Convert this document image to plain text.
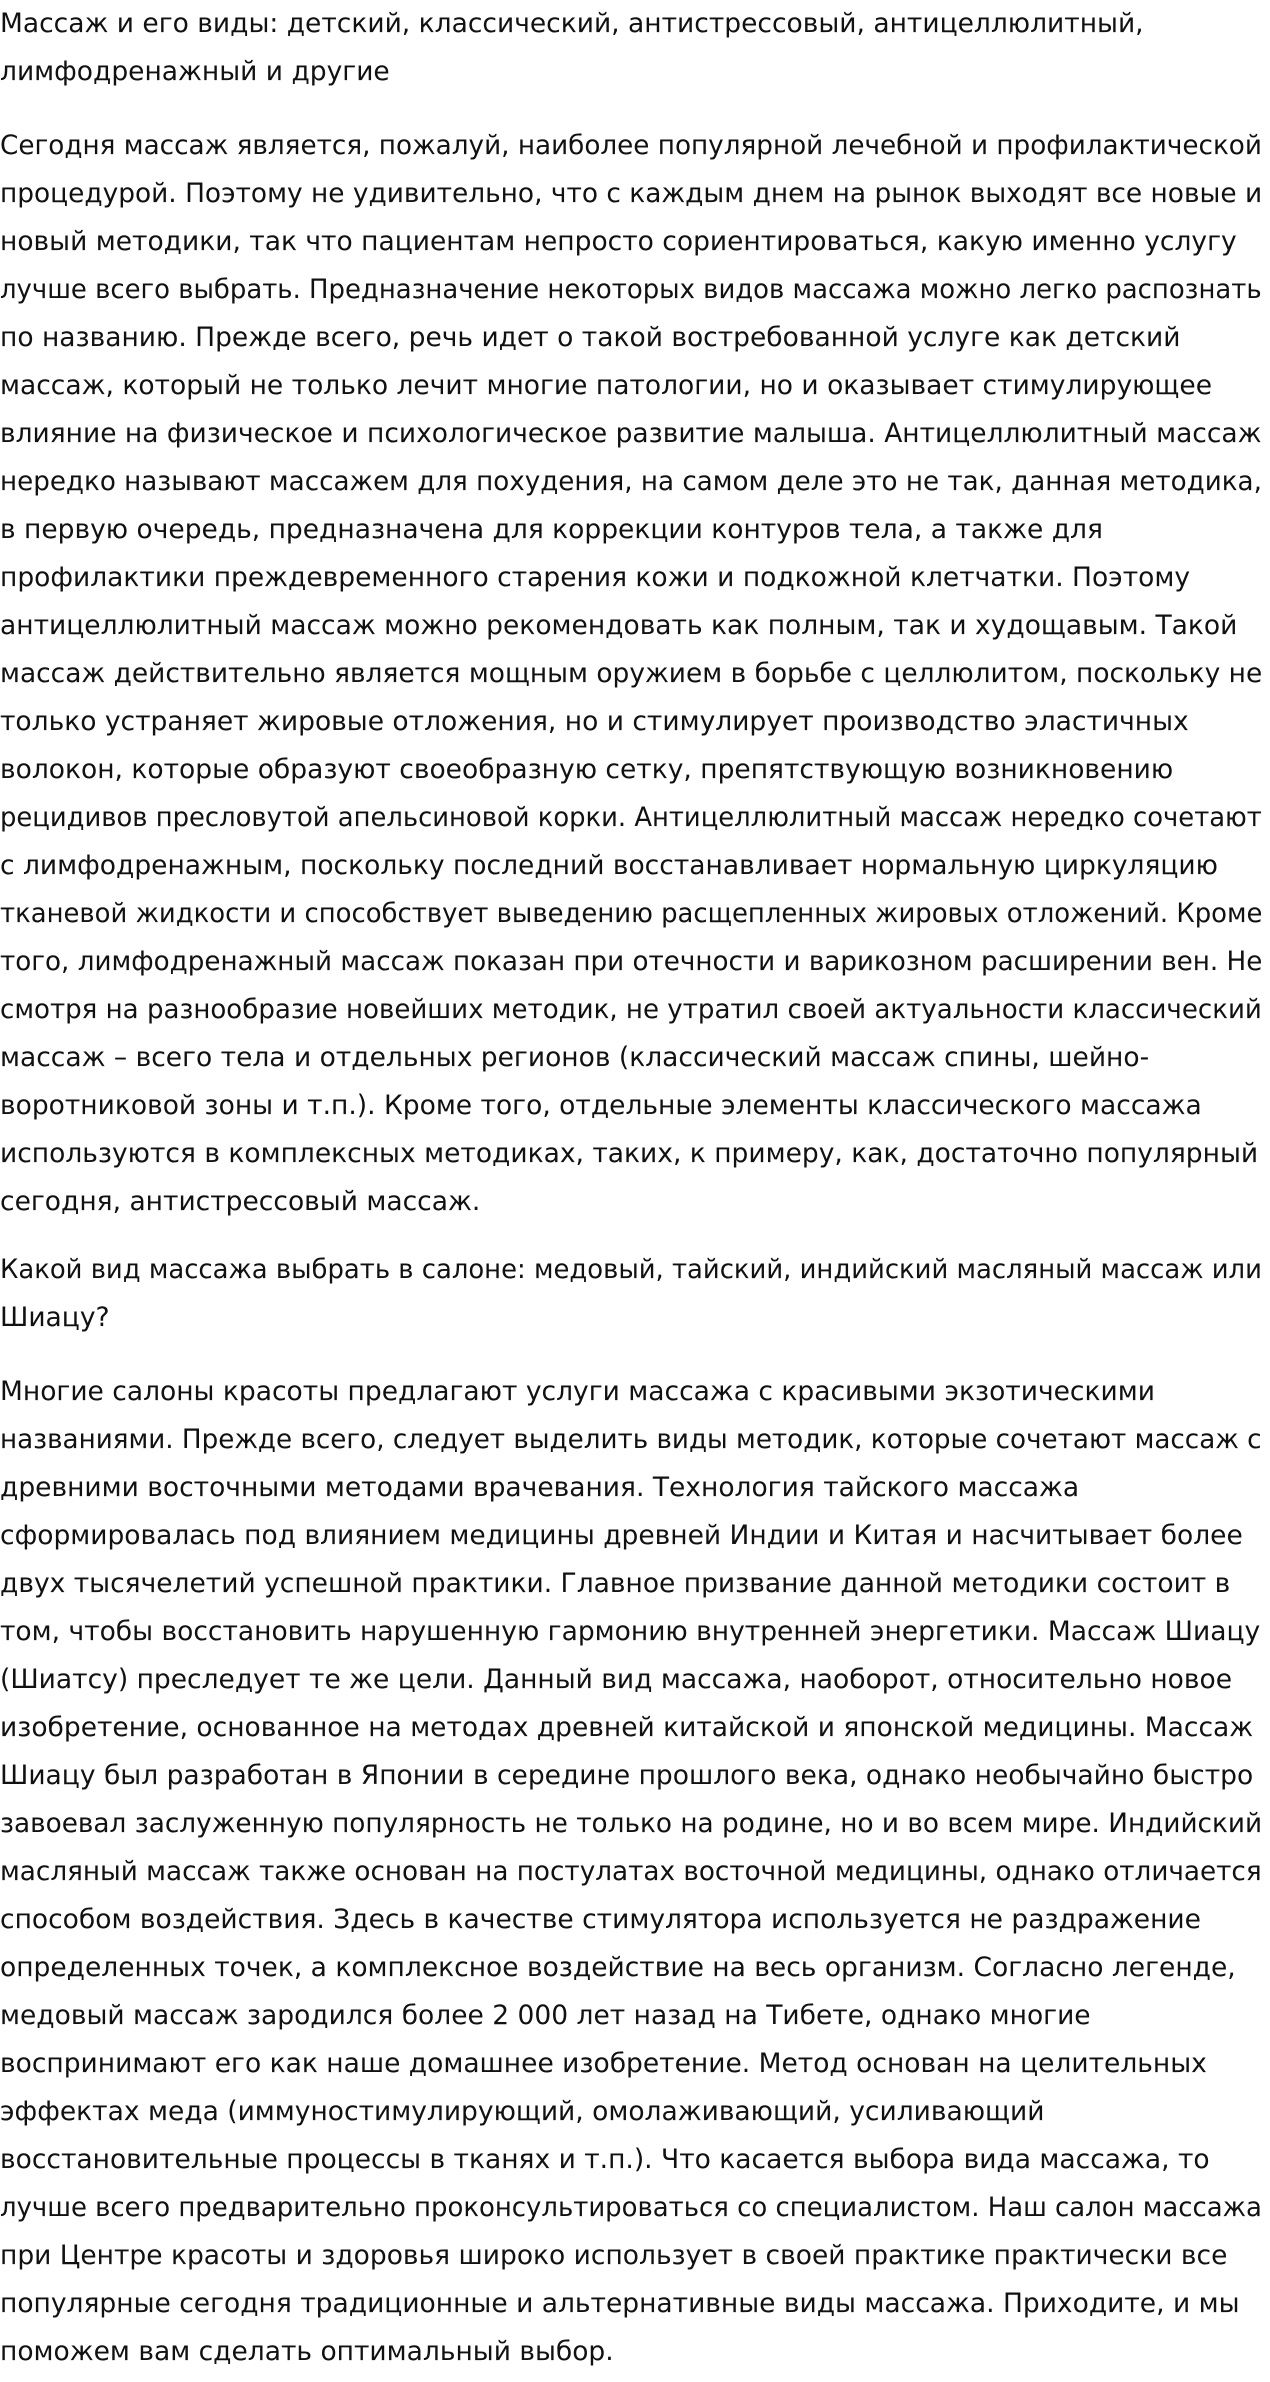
Массаж и его виды: детский, классический, антистрессовый, антицеллюлитный,
лимфодренажный и другие

Сегодня массаж является, пожалуй, наиболее популярной лечебной и профилактической
процедурой. Поэтому не удивительно, что с каждым днем на рынок выходят все новые и
новый методики, так что пациентам непросто сориентироваться, какую именно услугу
лучше всего выбрать. Предназначение некоторых видов массажа можно легко распознать
по названию. Прежде всего, речь идет о такой востребованной услуге как детский
массаж, который не только лечит многие патологии, но и оказывает стимулирующее
влияние на физическое и психологическое развитие малыша. Антицеллюлитный массаж
нередко называют массажем для похудения, на самом деле это не так, данная методика,
в первую очередь, предназначена для коррекции контуров тела, а также для
профилактики преждевременного старения кожи и подкожной клетчатки. Поэтому
антицеллюлитный массаж можно рекомендовать как полным, так и худощавым. Такой
массаж действительно является мощным оружием в борьбе с целлюлитом, поскольку не
только устраняет жировые отложения, но и стимулирует производство эластичных
волокон, которые образуют своеобразную сетку, препятствующую возникновению
рецидивов пресловутой апельсиновой корки. Антицеллюлитный массаж нередко сочетают
с лимфодренажным, поскольку последний восстанавливает нормальную циркуляцию
тканевой жидкости и способствует выведению расщепленных жировых отложений. Кроме
того, лимфодренажный массаж показан при отечности и варикозном расширении вен. Не
смотря на разнообразие новейших методик, не утратил своей актуальности классический
массаж – всего тела и отдельных регионов (классический массаж спины, шейно-
воротниковой зоны и т.п.). Кроме того, отдельные элементы классического массажа
используются в комплексных методиках, таких, к примеру, как, достаточно популярный
сегодня, антистрессовый массаж.

Какой вид массажа выбрать в салоне: медовый, тайский, индийский масляный массаж или
Шиацу?

Многие салоны красоты предлагают услуги массажа с красивыми экзотическими
названиями. Прежде всего, следует выделить виды методик, которые сочетают массаж с
древними восточными методами врачевания. Технология тайского массажа
сформировалась под влиянием медицины древней Индии и Китая и насчитывает более
двух тысячелетий успешной практики. Главное призвание данной методики состоит в
том, чтобы восстановить нарушенную гармонию внутренней энергетики. Массаж Шиацу
(Шиатсу) преследует те же цели. Данный вид массажа, наоборот, относительно новое
изобретение, основанное на методах древней китайской и японской медицины. Массаж
Шиацу был разработан в Японии в середине прошлого века, однако необычайно быстро
завоевал заслуженную популярность не только на родине, но и во всем мире. Индийский
масляный массаж также основан на постулатах восточной медицины, однако отличается
способом воздействия. Здесь в качестве стимулятора используется не раздражение
определенных точек, а комплексное воздействие на весь организм. Согласно легенде,
медовый массаж зародился более 2 000 лет назад на Тибете, однако многие
воспринимают его как наше домашнее изобретение. Метод основан на целительных
эффектах меда (иммуностимулирующий, омолаживающий, усиливающий
восстановительные процессы в тканях и т.п.). Что касается выбора вида массажа, то
лучше всего предварительно проконсультироваться со специалистом. Наш салон массажа
при Центре красоты и здоровья широко использует в своей практике практически все
популярные сегодня традиционные и альтернативные виды массажа. Приходите, и мы
поможем вам сделать оптимальный выбор.
